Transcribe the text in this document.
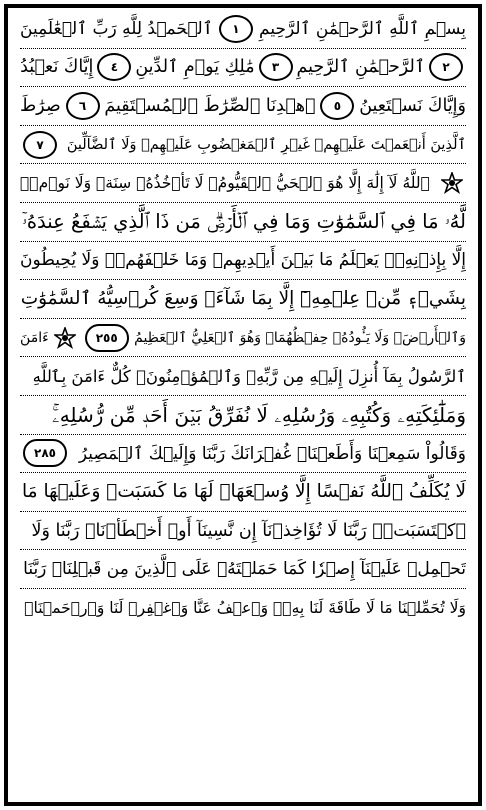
بِسۡمِ ٱللَّهِ ٱلرَّحۡمَٰنِ ٱلرَّحِيمِ
١
ٱلۡحَمۡدُ لِلَّهِ رَبِّ ٱلۡعَٰلَمِينَ
٢
ٱلرَّحۡمَٰنِ ٱلرَّحِيمِ
٣
مَٰلِكِ يَوۡمِ ٱلدِّينِ
٤
إِيَّاكَ نَعۡبُدُ
وَإِيَّاكَ نَسۡتَعِينُ
٥
ٱهۡدِنَا ٱلصِّرَٰطَ ٱلۡمُسۡتَقِيمَ
٦
صِرَٰطَ
ٱلَّذِينَ أَنۡعَمۡتَ عَلَيۡهِمۡ غَيۡرِ ٱلۡمَغۡضُوبِ عَلَيۡهِمۡ وَلَا ٱلضَّآلِّينَ
٧
ٱللَّهُ لَآ إِلَٰهَ إِلَّا هُوَ ٱلۡحَيُّ ٱلۡقَيُّومُۚ لَا تَأۡخُذُهُۥ سِنَةٞ وَلَا نَوۡمٞۚ
لَّهُۥ مَا فِي ٱلسَّمَٰوَٰتِ وَمَا فِي ٱلۡأَرۡضِۗ مَن ذَا ٱلَّذِي يَشۡفَعُ عِندَهُۥٓ
إِلَّا بِإِذۡنِهِۦۚ يَعۡلَمُ مَا بَيۡنَ أَيۡدِيهِمۡ وَمَا خَلۡفَهُمۡۖ وَلَا يُحِيطُونَ
بِشَيۡءٖ مِّنۡ عِلۡمِهِۦٓ إِلَّا بِمَا شَآءَۚ وَسِعَ كُرۡسِيُّهُ ٱلسَّمَٰوَٰتِ
وَٱلۡأَرۡضَۖ وَلَا يَـُٔودُهُۥ حِفۡظُهُمَاۚ وَهُوَ ٱلۡعَلِيُّ ٱلۡعَظِيمُ
٢٥٥
ءَامَنَ
ٱلرَّسُولُ بِمَآ أُنزِلَ إِلَيۡهِ مِن رَّبِّهِۦ وَٱلۡمُؤۡمِنُونَۚ كُلٌّ ءَامَنَ بِٱللَّهِ
وَمَلَٰٓئِكَتِهِۦ وَكُتُبِهِۦ وَرُسُلِهِۦ لَا نُفَرِّقُ بَيۡنَ أَحَدٖ مِّن رُّسُلِهِۦۚ
وَقَالُواْ سَمِعۡنَا وَأَطَعۡنَاۖ غُفۡرَانَكَ رَبَّنَا وَإِلَيۡكَ ٱلۡمَصِيرُ
٢٨٥
لَا يُكَلِّفُ ٱللَّهُ نَفۡسًا إِلَّا وُسۡعَهَاۚ لَهَا مَا كَسَبَتۡ وَعَلَيۡهَا مَا
ٱكۡتَسَبَتۡۗ رَبَّنَا لَا تُؤَاخِذۡنَآ إِن نَّسِينَآ أَوۡ أَخۡطَأۡنَاۚ رَبَّنَا وَلَا
تَحۡمِلۡ عَلَيۡنَآ إِصۡرٗا كَمَا حَمَلۡتَهُۥ عَلَى ٱلَّذِينَ مِن قَبۡلِنَاۚ رَبَّنَا
وَلَا تُحَمِّلۡنَا مَا لَا طَاقَةَ لَنَا بِهِۦۖ وَٱعۡفُ عَنَّا وَٱغۡفِرۡ لَنَا وَٱرۡحَمۡنَاۚ
